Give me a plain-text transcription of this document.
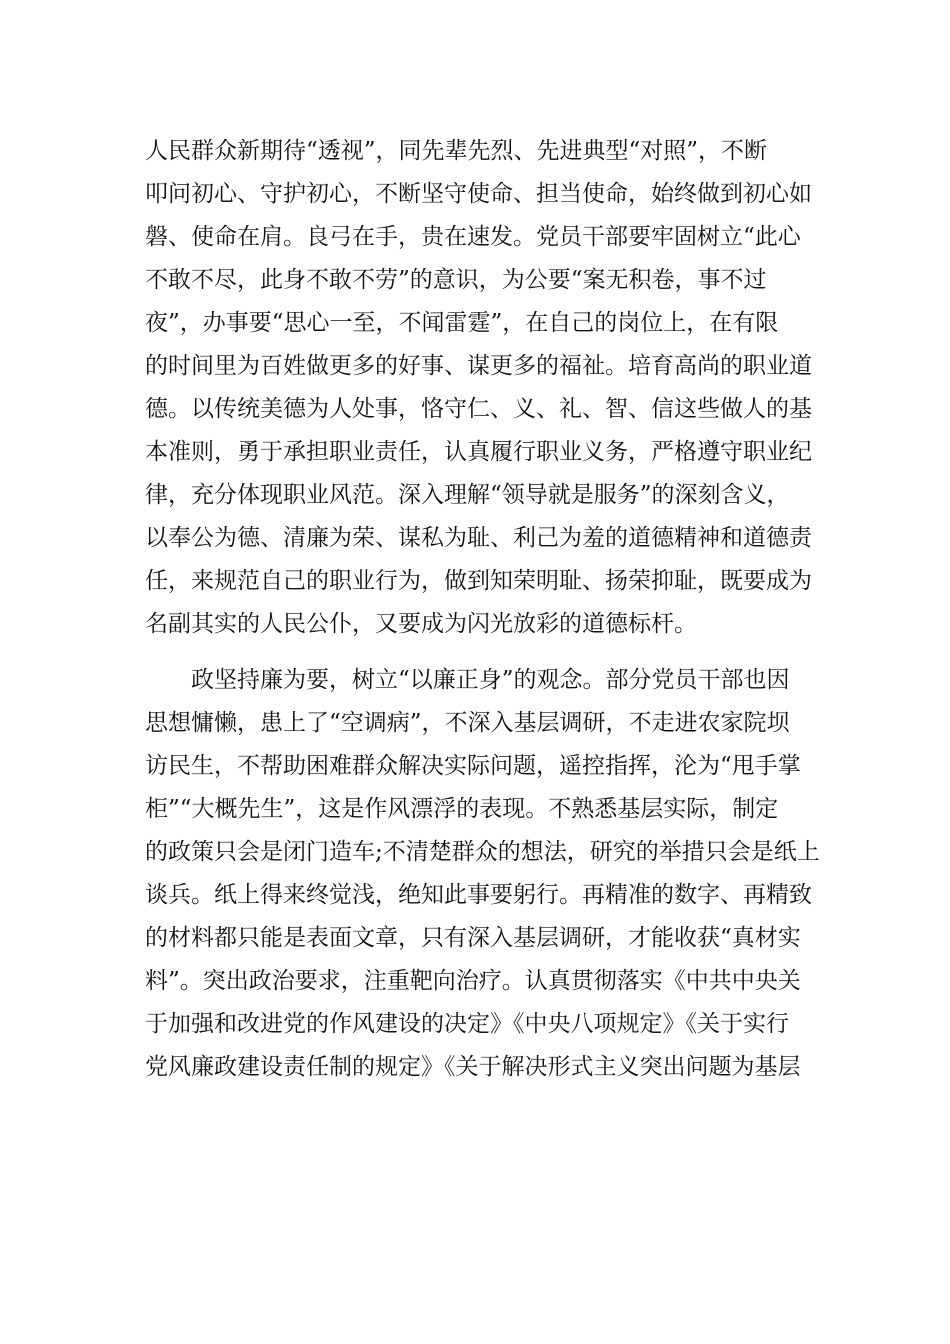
人民群众新期待“透视”，同先辈先烈、先进典型“对照”，不断
叩问初心、守护初心，不断坚守使命、担当使命，始终做到初心如
磐、使命在肩。良弓在手，贵在速发。党员干部要牢固树立“此心
不敢不尽，此身不敢不劳”的意识，为公要“案无积卷，事不过
夜”，办事要“思心一至，不闻雷霆”，在自己的岗位上，在有限
的时间里为百姓做更多的好事、谋更多的福祉。培育高尚的职业道
德。以传统美德为人处事，恪守仁、义、礼、智、信这些做人的基
本准则，勇于承担职业责任，认真履行职业义务，严格遵守职业纪
律，充分体现职业风范。深入理解“领导就是服务”的深刻含义，
以奉公为德、清廉为荣、谋私为耻、利己为羞的道德精神和道德责
任，来规范自己的职业行为，做到知荣明耻、扬荣抑耻，既要成为
名副其实的人民公仆，又要成为闪光放彩的道德标杆。
政坚持廉为要，树立“以廉正身”的观念。部分党员干部也因
思想慵懒，患上了“空调病”，不深入基层调研，不走进农家院坝
访民生，不帮助困难群众解决实际问题，遥控指挥，沦为“甩手掌
柜”“大概先生”，这是作风漂浮的表现。不熟悉基层实际，制定
的政策只会是闭门造车;不清楚群众的想法，研究的举措只会是纸上
谈兵。纸上得来终觉浅，绝知此事要躬行。再精准的数字、再精致
的材料都只能是表面文章，只有深入基层调研，才能收获“真材实
料”。突出政治要求，注重靶向治疗。认真贯彻落实《中共中央关
于加强和改进党的作风建设的决定》《中央八项规定》《关于实行
党风廉政建设责任制的规定》《关于解决形式主义突出问题为基层
